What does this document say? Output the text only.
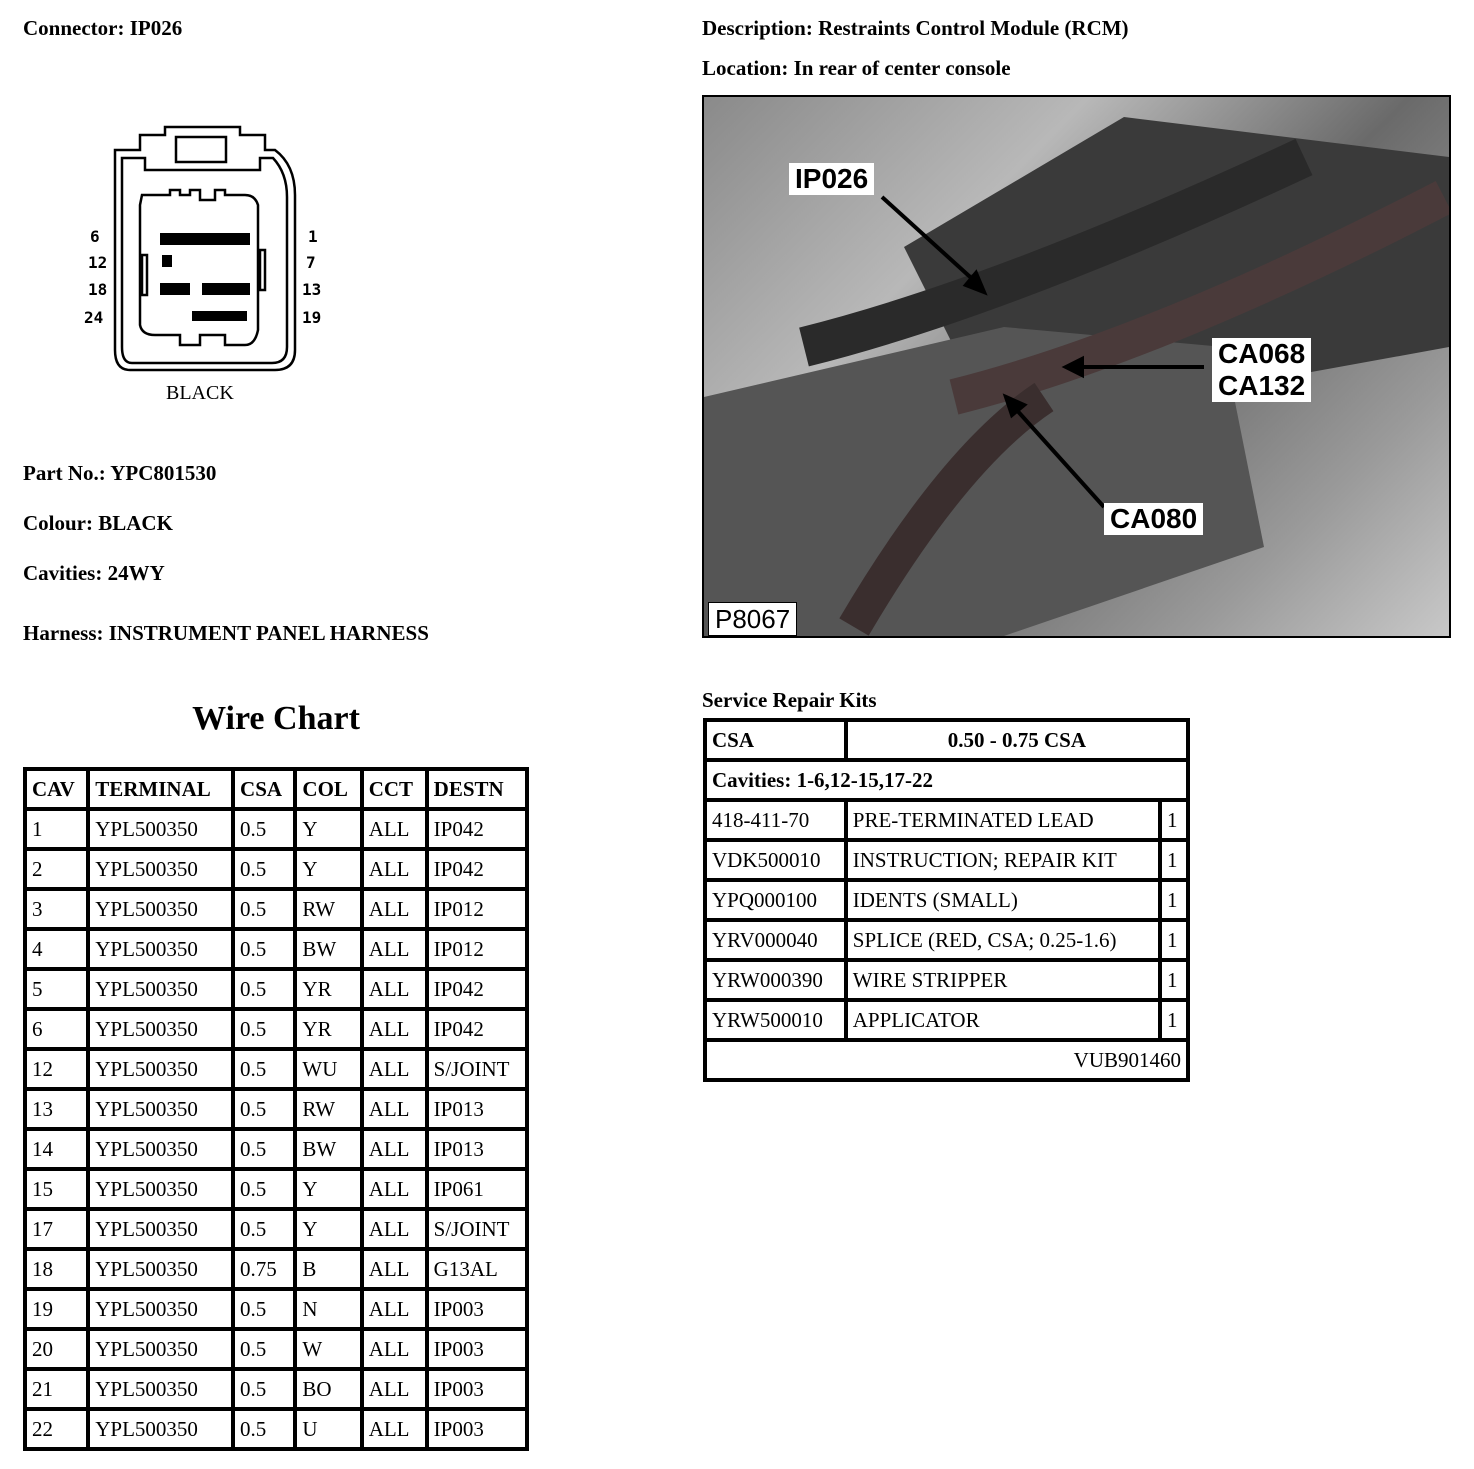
Connector: IP026	Description: Restraints Control Module (RCM)
Location: In rear of center console
6
12
18
24
1
7
13
19
BLACK
Part No.: YPC801530
Colour: BLACK
Cavities: 24WY
Harness: INSTRUMENT PANEL HARNESS
IP026
CA068
CA132
CA080
P8067
Wire Chart
CAV	TERMINAL	CSA	COL	CCT	DESTN
1	YPL500350	0.5	Y	ALL	IP042
2	YPL500350	0.5	Y	ALL	IP042
3	YPL500350	0.5	RW	ALL	IP012
4	YPL500350	0.5	BW	ALL	IP012
5	YPL500350	0.5	YR	ALL	IP042
6	YPL500350	0.5	YR	ALL	IP042
12	YPL500350	0.5	WU	ALL	S/JOINT
13	YPL500350	0.5	RW	ALL	IP013
14	YPL500350	0.5	BW	ALL	IP013
15	YPL500350	0.5	Y	ALL	IP061
17	YPL500350	0.5	Y	ALL	S/JOINT
18	YPL500350	0.75	B	ALL	G13AL
19	YPL500350	0.5	N	ALL	IP003
20	YPL500350	0.5	W	ALL	IP003
21	YPL500350	0.5	BO	ALL	IP003
22	YPL500350	0.5	U	ALL	IP003
Service Repair Kits
CSA	0.50 - 0.75 CSA	
Cavities: 1-6,12-15,17-22		
418-411-70	PRE-TERMINATED LEAD	1
VDK500010	INSTRUCTION; REPAIR KIT	1
YPQ000100	IDENTS (SMALL)	1
YRV000040	SPLICE (RED, CSA; 0.25-1.6)	1
YRW000390	WIRE STRIPPER	1
YRW500010	APPLICATOR	1
VUB901460		
